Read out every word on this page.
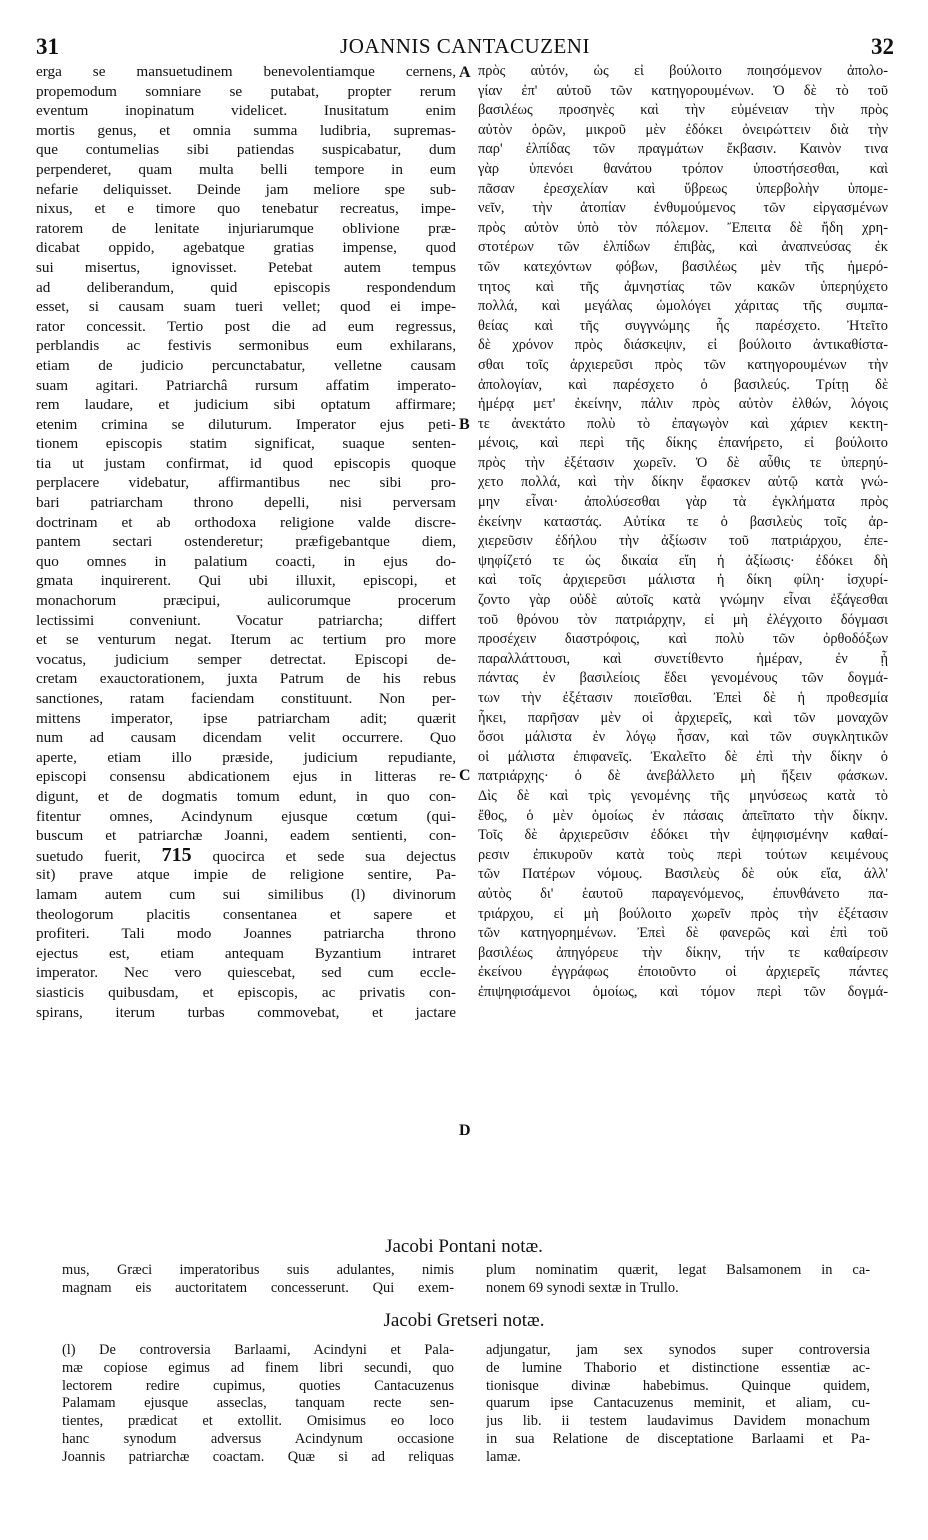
31	JOANNIS CANTACUZENI	32
erga se mansuetudinem benevolentiamque cernens,
propemodum somniare se putabat, propter rerum
eventum inopinatum videlicet. Inusitatum enim
mortis genus, et omnia summa ludibria, supremas-
que contumelias sibi patiendas suspicabatur, dum
perpenderet, quam multa belli tempore in eum
nefarie deliquisset. Deinde jam meliore spe sub-
nixus, et e timore quo tenebatur recreatus, impe-
ratorem de lenitate injuriarumque oblivione præ-
dicabat oppido, agebatque gratias impense, quod
sui misertus, ignovisset. Petebat autem tempus
ad deliberandum, quid episcopis respondendum
esset, si causam suam tueri vellet; quod ei impe-
rator concessit. Tertio post die ad eum regressus,
perblandis ac festivis sermonibus eum exhilarans,
etiam de judicio percunctabatur, velletne causam
suam agitari. Patriarchâ rursum affatim imperato-
rem laudare, et judicium sibi optatum affirmare;
etenim crimina se diluturum. Imperator ejus peti-
tionem episcopis statim significat, suaque senten-
tia ut justam confirmat, id quod episcopis quoque
perplacere videbatur, affirmantibus nec sibi pro-
bari patriarcham throno depelli, nisi perversam
doctrinam et ab orthodoxa religione valde discre-
pantem sectari ostenderetur; præfigebantque diem,
quo omnes in palatium coacti, in ejus do-
gmata inquirerent. Qui ubi illuxit, episcopi, et
monachorum præcipui, aulicorumque procerum
lectissimi conveniunt. Vocatur patriarcha; differt
et se venturum negat. Iterum ac tertium pro more
vocatus, judicium semper detrectat. Episcopi de-
cretam exauctorationem, juxta Patrum de his rebus
sanctiones, ratam faciendam constituunt. Non per-
mittens imperator, ipse patriarcham adit; quærit
num ad causam dicendam velit occurrere. Quo
aperte, etiam illo præside, judicium repudiante,
episcopi consensu abdicationem ejus in litteras re-
digunt, et de dogmatis tomum edunt, in quo con-
fitentur omnes, Acindynum ejusque cœtum (qui-
buscum et patriarchæ Joanni, eadem sentienti, con-
suetudo fuerit, 715 quocirca et sede sua dejectus
sit) prave atque impie de religione sentire, Pa-
lamam autem cum sui similibus (l) divinorum
theologorum placitis consentanea et sapere et
profiteri. Tali modo Joannes patriarcha throno
ejectus est, etiam antequam Byzantium intraret
imperator. Nec vero quiescebat, sed cum eccle-
siasticis quibusdam, et episcopis, ac privatis con-
spirans, iterum turbas commovebat, et jactare
A
B
C
D
πρὸς αὐτόν, ὡς εἰ βούλοιτο ποιησόμενον ἀπολο-
γίαν ἐπ' αὐτοῦ τῶν κατηγορουμένων. Ὁ δὲ τὸ τοῦ
βασιλέως προσηνὲς καὶ τὴν εὐμένειαν τὴν πρὸς
αὐτὸν ὁρῶν, μικροῦ μὲν ἐδόκει ὀνειρώττειν διὰ τὴν
παρ' ἐλπίδας τῶν πραγμάτων ἔκβασιν. Καινὸν τινα
γὰρ ὑπενόει θανάτου τρόπον ὑποστήσεσθαι, καὶ
πᾶσαν ἐρεσχελίαν καὶ ὕβρεως ὑπερβολὴν ὑπομε-
νεῖν, τὴν ἀτοπίαν ἐνθυμούμενος τῶν εἰργασμένων
πρὸς αὐτὸν ὑπὸ τὸν πόλεμον. Ἔπειτα δὲ ἤδη χρη-
στοτέρων τῶν ἐλπίδων ἐπιβὰς, καὶ ἀναπνεύσας ἐκ
τῶν κατεχόντων φόβων, βασιλέως μὲν τῆς ἡμερό-
τητος καὶ τῆς ἀμνηστίας τῶν κακῶν ὑπερηύχετο
πολλά, καὶ μεγάλας ὡμολόγει χάριτας τῆς συμπα-
θείας καὶ τῆς συγγνώμης ἧς παρέσχετο. Ἠτεῖτο
δὲ χρόνον πρὸς διάσκεψιν, εἰ βούλοιτο ἀντικαθίστα-
σθαι τοῖς ἀρχιερεῦσι πρὸς τῶν κατηγορουμένων τὴν
ἀπολογίαν, καὶ παρέσχετο ὁ βασιλεύς. Τρίτῃ δὲ
ἡμέρᾳ μετ' ἐκείνην, πάλιν πρὸς αὐτὸν ἐλθών, λόγοις
τε ἀνεκτάτο πολὺ τὸ ἐπαγωγὸν καὶ χάριεν κεκτη-
μένοις, καὶ περὶ τῆς δίκης ἐπανήρετο, εἰ βούλοιτο
πρὸς τὴν ἐξέτασιν χωρεῖν. Ὁ δὲ αὖθις τε ὑπερηύ-
χετο πολλά, καὶ τὴν δίκην ἔφασκεν αὐτῷ κατὰ γνώ-
μην εἶναι· ἀπολύσεσθαι γὰρ τὰ ἐγκλήματα πρὸς
ἐκείνην καταστάς. Αὐτίκα τε ὁ βασιλεὺς τοῖς ἀρ-
χιερεῦσιν ἐδήλου τὴν ἀξίωσιν τοῦ πατριάρχου, ἐπε-
ψηφίζετό τε ὡς δικαία εἴη ἡ ἀξίωσις· ἐδόκει δὴ
καὶ τοῖς ἀρχιερεῦσι μάλιστα ἡ δίκη φίλη· ἰσχυρί-
ζοντο γὰρ οὐδὲ αὐτοῖς κατὰ γνώμην εἶναι ἐξάγεσθαι
τοῦ θρόνου τὸν πατριάρχην, εἰ μὴ ἐλέγχοιτο δόγμασι
προσέχειν διαστρόφοις, καὶ πολὺ τῶν ὀρθοδόξων
παραλλάττουσι, καὶ συνετίθεντο ἡμέραν, ἐν ᾗ
πάντας ἐν βασιλείοις ἔδει γενομένους τῶν δογμά-
των τὴν ἐξέτασιν ποιεῖσθαι. Ἐπεὶ δὲ ἡ προθεσμία
ἧκει, παρῆσαν μὲν οἱ ἀρχιερεῖς, καὶ τῶν μοναχῶν
ὅσοι μάλιστα ἐν λόγῳ ἦσαν, καὶ τῶν συγκλητικῶν
οἱ μάλιστα ἐπιφανεῖς. Ἐκαλεῖτο δὲ ἐπὶ τὴν δίκην ὁ
πατριάρχης· ὁ δὲ ἀνεβάλλετο μὴ ἥξειν φάσκων.
Δὶς δὲ καὶ τρὶς γενομένης τῆς μηνύσεως κατὰ τὸ
ἔθος, ὁ μὲν ὁμοίως ἐν πάσαις ἀπεῖπατο τὴν δίκην.
Τοῖς δὲ ἀρχιερεῦσιν ἐδόκει τὴν ἐψηφισμένην καθαί-
ρεσιν ἐπικυροῦν κατὰ τοὺς περὶ τούτων κειμένους
τῶν Πατέρων νόμους. Βασιλεὺς δὲ οὐκ εἴα, ἀλλ'
αὐτὸς δι' ἑαυτοῦ παραγενόμενος, ἐπυνθάνετο πα-
τριάρχου, εἰ μὴ βούλοιτο χωρεῖν πρὸς τὴν ἐξέτασιν
τῶν κατηγορημένων. Ἐπεὶ δὲ φανερῶς καὶ ἐπὶ τοῦ
βασιλέως ἀπηγόρευε τὴν δίκην, τήν τε καθαίρεσιν
ἐκείνου ἐγγράφως ἐποιοῦντο οἱ ἀρχιερεῖς πάντες
ἐπιψηφισάμενοι ὁμοίως, καὶ τόμον περὶ τῶν δογμά-
Jacobi Pontani notæ.
mus, Græci imperatoribus suis adulantes, nimis
magnam eis auctoritatem concesserunt. Qui exem-
plum nominatim quærit, legat Balsamonem in ca-
nonem 69 synodi sextæ in Trullo.
Jacobi Gretseri notæ.
(l) De controversia Barlaami, Acindyni et Pala-
mæ copiose egimus ad finem libri secundi, quo
lectorem redire cupimus, quoties Cantacuzenus
Palamam ejusque asseclas, tanquam recte sen-
tientes, prædicat et extollit. Omisimus eo loco
hanc synodum adversus Acindynum occasione
Joannis patriarchæ coactam. Quæ si ad reliquas
adjungatur, jam sex synodos super controversia
de lumine Thaborio et distinctione essentiæ ac-
tionisque divinæ habebimus. Quinque quidem,
quarum ipse Cantacuzenus meminit, et aliam, cu-
jus lib. ii testem laudavimus Davidem monachum
in sua Relatione de disceptatione Barlaami et Pa-
lamæ.
